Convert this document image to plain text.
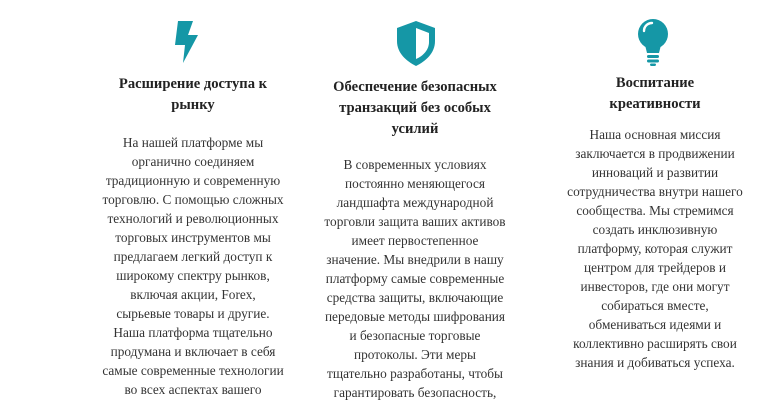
Расширение доступа к
рынку
На нашей платформе мы
органично соединяем
традиционную и современную
торговлю. С помощью сложных
технологий и революционных
торговых инструментов мы
предлагаем легкий доступ к
широкому спектру рынков,
включая акции, Forex,
сырьевые товары и другие.
Наша платформа тщательно
продумана и включает в себя
самые современные технологии
во всех аспектах вашего
Обеспечение безопасных
транзакций без особых
усилий
В современных условиях
постоянно меняющегося
ландшафта международной
торговли защита ваших активов
имеет первостепенное
значение. Мы внедрили в нашу
платформу самые современные
средства защиты, включающие
передовые методы шифрования
и безопасные торговые
протоколы. Эти меры
тщательно разработаны, чтобы
гарантировать безопасность,
Воспитание
креативности
Наша основная миссия
заключается в продвижении
инноваций и развитии
сотрудничества внутри нашего
сообщества. Мы стремимся
создать инклюзивную
платформу, которая служит
центром для трейдеров и
инвесторов, где они могут
собираться вместе,
обмениваться идеями и
коллективно расширять свои
знания и добиваться успеха.
